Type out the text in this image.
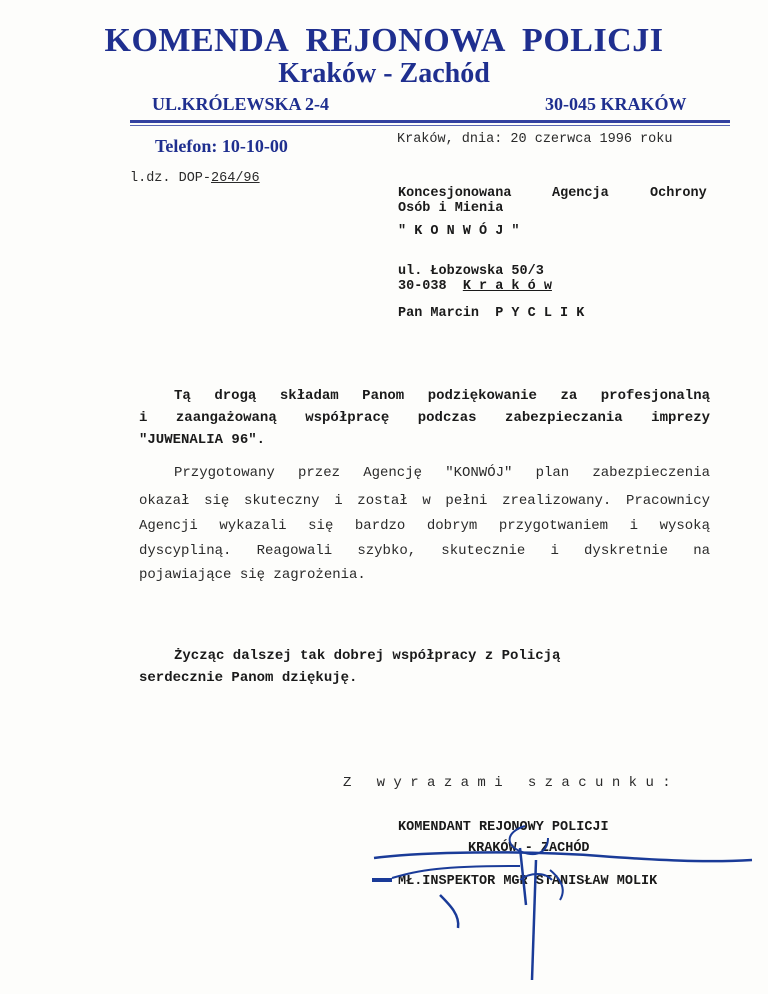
KOMENDA  REJONOWA  POLICJI
Kraków - Zachód
UL.KRÓLEWSKA 2-4	30-045 KRAKÓW
Telefon: 10-10-00	Kraków, dnia: 20 czerwca 1996 roku
l.dz. DOP-264/96
Koncesjonowana	Agencja	Ochrony
Osób i Mienia
" K O N W Ó J "
ul. Łobzowska 50/3
30-038 K r a k ó w
Pan Marcin P Y C L I K
Tą drogą składam Panom podziękowanie za profesjonalną
i zaangażowaną współpracę podczas zabezpieczania imprezy
"JUWENALIA 96".
Przygotowany przez Agencję "KONWÓJ" plan zabezpieczenia
okazał się skuteczny i został w pełni zrealizowany. Pracownicy
Agencji wykazali się bardzo dobrym przygotwaniem i wysoką
dyscypliną. Reagowali szybko, skutecznie i dyskretnie na
pojawiające się zagrożenia.
Życząc dalszej tak dobrej współpracy z Policją
serdecznie Panom dziękuję.
Z   w y r a z a m i   s z a c u n k u :
KOMENDANT REJONOWY POLICJI
KRAKÓW - ZACHÓD
MŁ.INSPEKTOR MGR STANISŁAW MOLIK
